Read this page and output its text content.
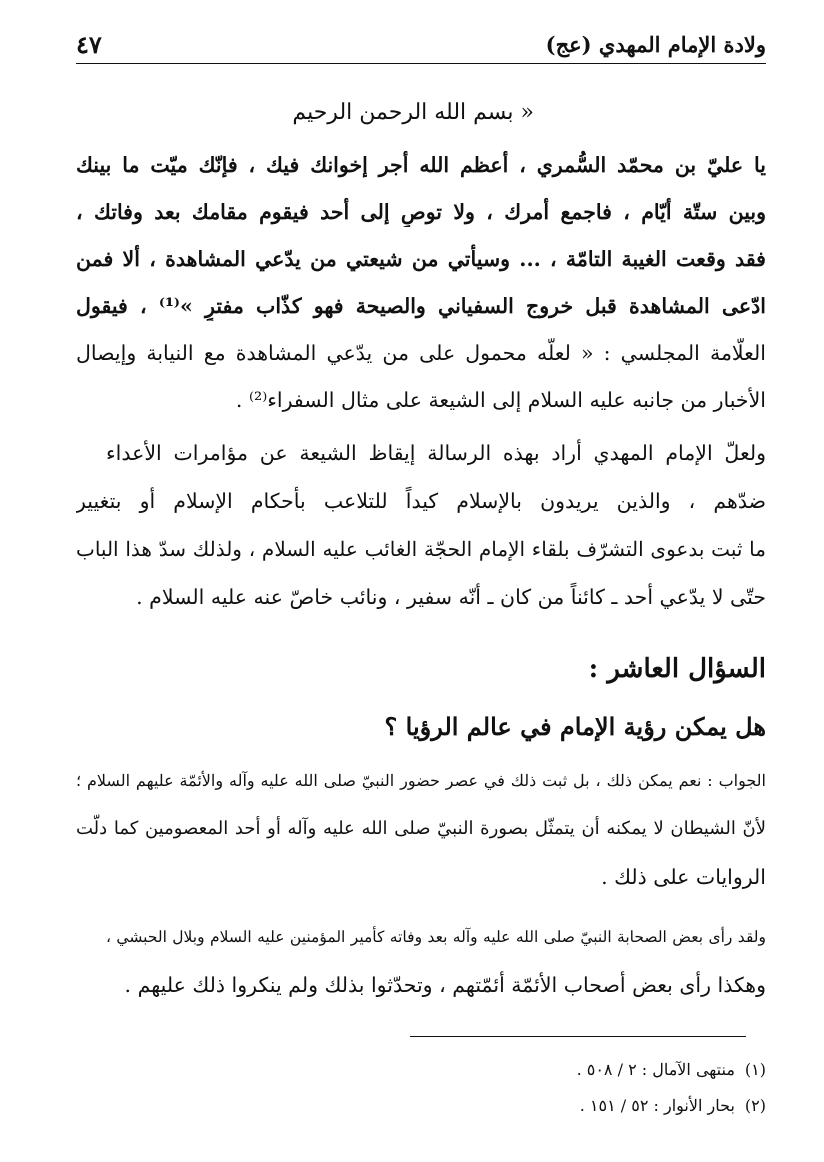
ولادة الإمام المهدي (عج)
٤٧
« بسم الله الرحمن الرحيم
يا عليّ بن محمّد السُّمري ، أعظم الله أجر إخوانك فيك ، فإنّك ميّت ما بينك
وبين ستّة أيّام ، فاجمع أمرك ، ولا توصِ إلى أحد فيقوم مقامك بعد وفاتك ،
فقد وقعت الغيبة التامّة ، ... وسيأتي من شيعتي من يدّعي المشاهدة ، ألا فمن
ادّعى المشاهدة قبل خروج السفياني والصيحة فهو كذّاب مفترٍ »⁽¹⁾ ، فيقول
العلّامة المجلسي : « لعلّه محمول على من يدّعي المشاهدة مع النيابة وإيصال
الأخبار من جانبه عليه السلام إلى الشيعة على مثال السفراء⁽²⁾ .
ولعلّ الإمام المهدي أراد بهذه الرسالة إيقاظ الشيعة عن مؤامرات الأعداء
ضدّهم ، والذين يريدون بالإسلام كيداً للتلاعب بأحكام الإسلام أو بتغيير
ما ثبت بدعوى التشرّف بلقاء الإمام الحجّة الغائب عليه السلام ، ولذلك سدّ هذا الباب
حتّى لا يدّعي أحد ـ كائناً من كان ـ أنّه سفير ، ونائب خاصّ عنه عليه السلام .
السؤال العاشر :
هل يمكن رؤية الإمام في عالم الرؤيا ؟
الجواب : نعم يمكن ذلك ، بل ثبت ذلك في عصر حضور النبيّ صلى الله عليه وآله والأئمّة عليهم السلام ؛
لأنّ الشيطان لا يمكنه أن يتمثّل بصورة النبيّ صلى الله عليه وآله أو أحد المعصومين كما دلّت
الروايات على ذلك .
ولقد رأى بعض الصحابة النبيّ صلى الله عليه وآله بعد وفاته كأمير المؤمنين عليه السلام وبلال الحبشي ،
وهكذا رأى بعض أصحاب الأئمّة أئمّتهم ، وتحدّثوا بذلك ولم ينكروا ذلك عليهم .
(١)منتهى الآمال : ٢ / ٥٠٨ .
(٢)بحار الأنوار : ٥٢ / ١٥١ .
